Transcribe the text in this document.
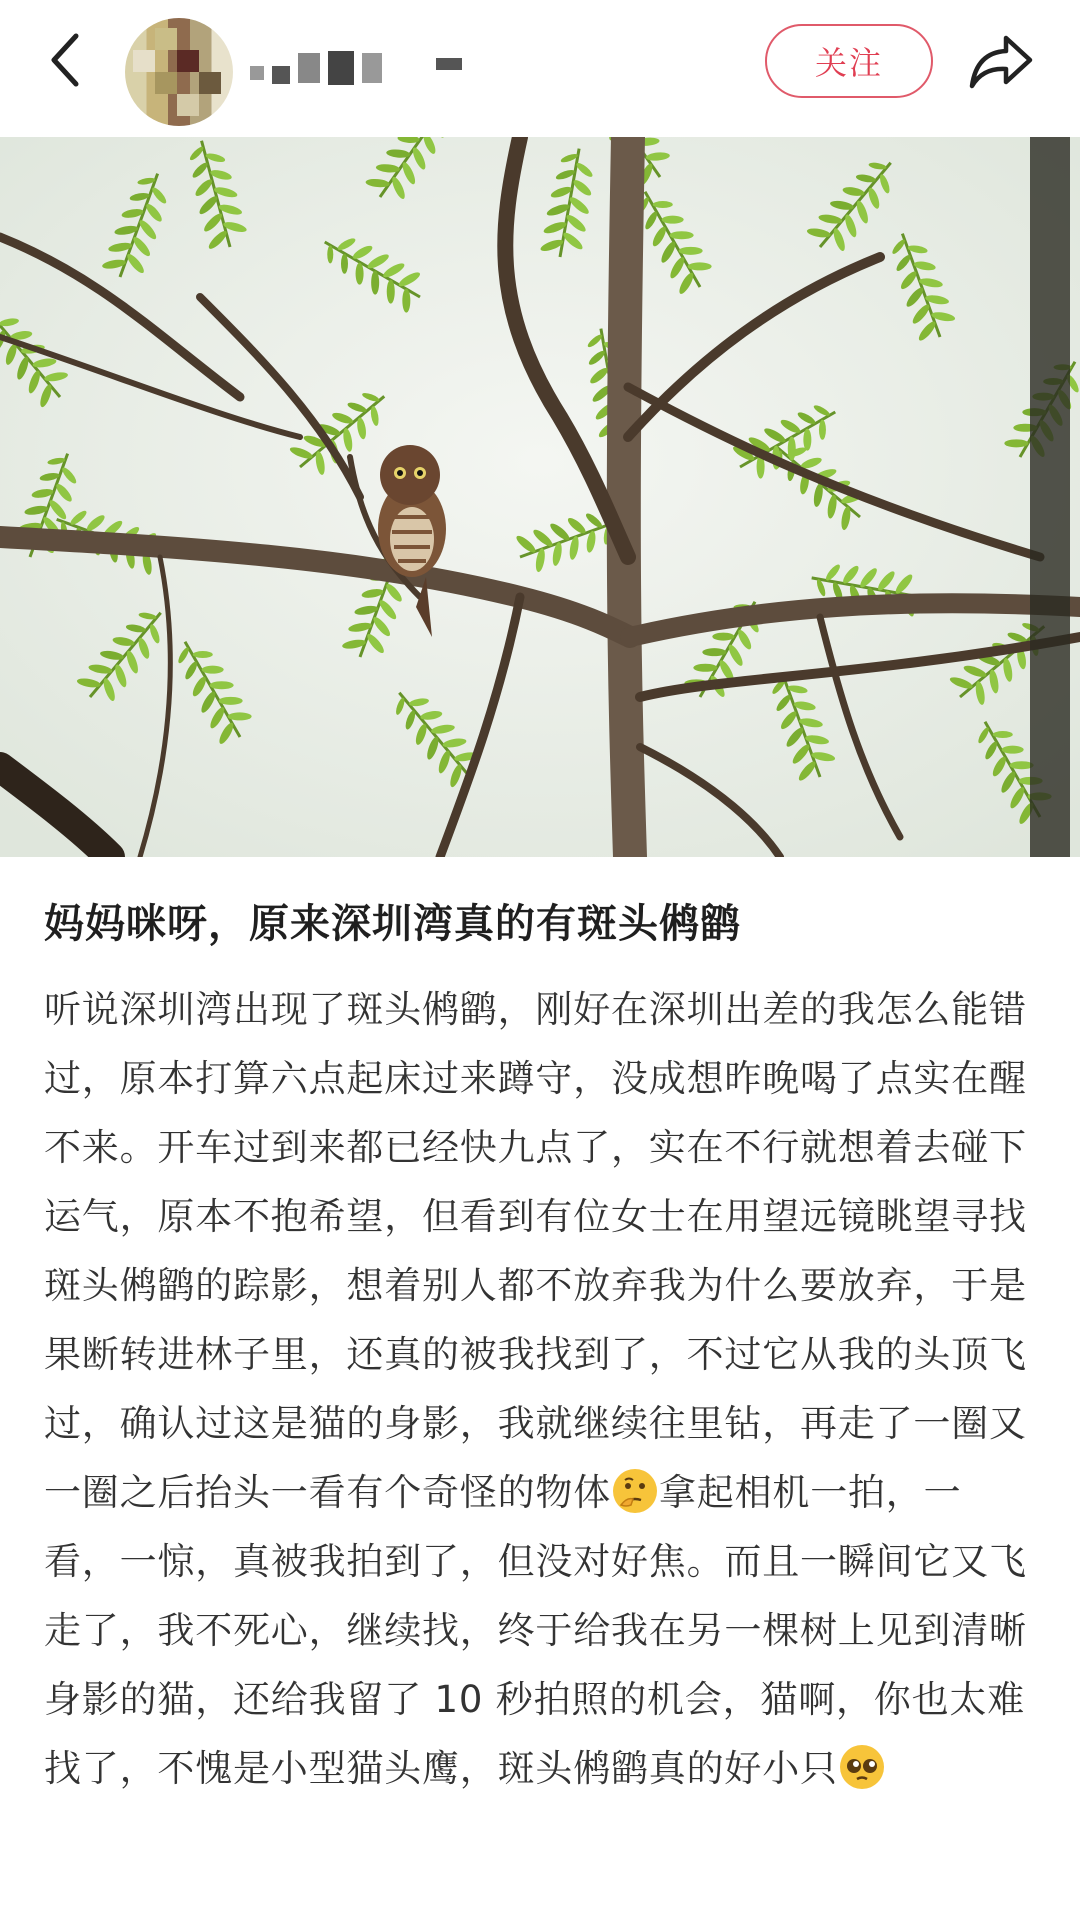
关注
妈妈咪呀，原来深圳湾真的有斑头鸺鹠
听说深圳湾出现了斑头鸺鹠，刚好在深圳出差的我怎么能错过，原本打算六点起床过来蹲守，没成想昨晚喝了点实在醒不来。开车过到来都已经快九点了，实在不行就想着去碰下运气，原本不抱希望，但看到有位女士在用望远镜眺望寻找斑头鸺鹠的踪影，想着别人都不放弃我为什么要放弃，于是果断转进林子里，还真的被我找到了，不过它从我的头顶飞过，确认过这是猫的身影，我就继续往里钻，再走了一圈又一圈之后抬头一看有个奇怪的物体 拿起相机一拍，一看，一惊，真被我拍到了，但没对好焦。而且一瞬间它又飞走了，我不死心，继续找，终于给我在另一棵树上见到清晰身影的猫，还给我留了 10 秒拍照的机会，猫啊，你也太难找了，不愧是小型猫头鹰，斑头鸺鹠真的好小只
